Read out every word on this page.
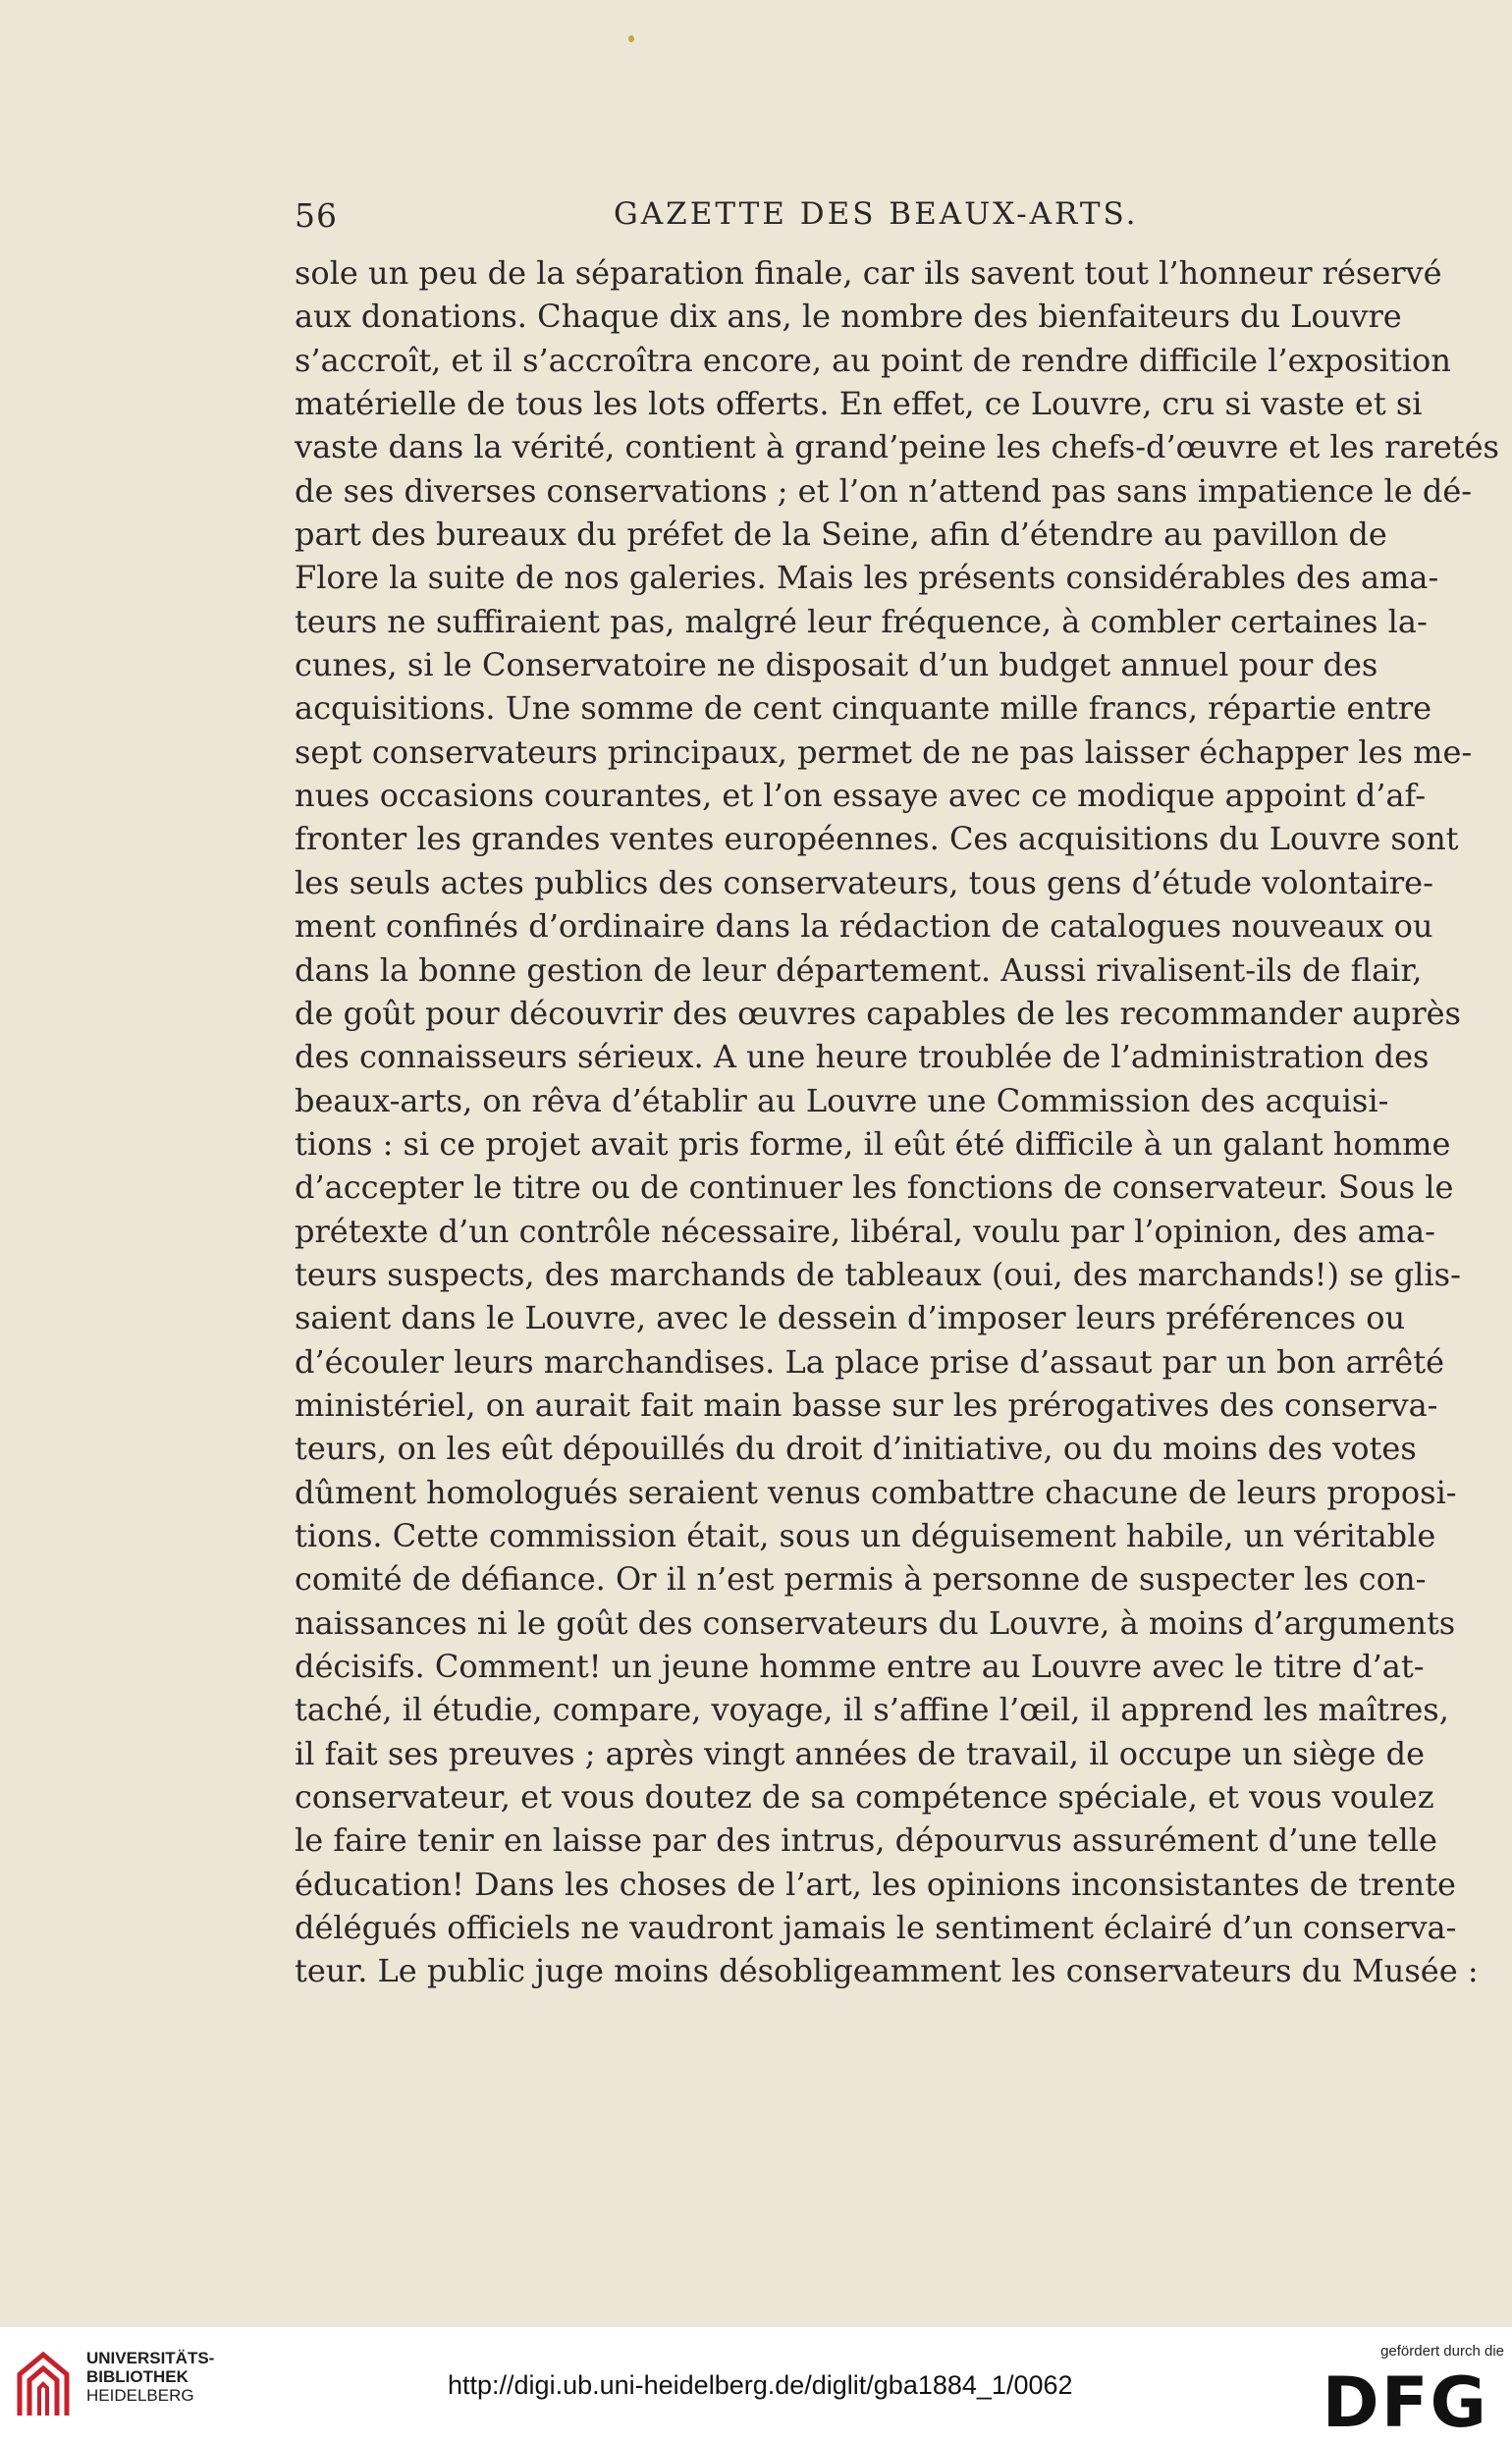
56	GAZETTE DES BEAUX-ARTS.
sole un peu de la séparation finale, car ils savent tout l’honneur réservé
aux donations. Chaque dix ans, le nombre des bienfaiteurs du Louvre
s’accroît, et il s’accroîtra encore, au point de rendre difficile l’exposition
matérielle de tous les lots offerts. En effet, ce Louvre, cru si vaste et si
vaste dans la vérité, contient à grand’peine les chefs-d’œuvre et les raretés
de ses diverses conservations ; et l’on n’attend pas sans impatience le dé-
part des bureaux du préfet de la Seine, afin d’étendre au pavillon de
Flore la suite de nos galeries. Mais les présents considérables des ama-
teurs ne suffiraient pas, malgré leur fréquence, à combler certaines la-
cunes, si le Conservatoire ne disposait d’un budget annuel pour des
acquisitions. Une somme de cent cinquante mille francs, répartie entre
sept conservateurs principaux, permet de ne pas laisser échapper les me-
nues occasions courantes, et l’on essaye avec ce modique appoint d’af-
fronter les grandes ventes européennes. Ces acquisitions du Louvre sont
les seuls actes publics des conservateurs, tous gens d’étude volontaire-
ment confinés d’ordinaire dans la rédaction de catalogues nouveaux ou
dans la bonne gestion de leur département. Aussi rivalisent-ils de flair,
de goût pour découvrir des œuvres capables de les recommander auprès
des connaisseurs sérieux. A une heure troublée de l’administration des
beaux-arts, on rêva d’établir au Louvre une Commission des acquisi-
tions : si ce projet avait pris forme, il eût été difficile à un galant homme
d’accepter le titre ou de continuer les fonctions de conservateur. Sous le
prétexte d’un contrôle nécessaire, libéral, voulu par l’opinion, des ama-
teurs suspects, des marchands de tableaux (oui, des marchands!) se glis-
saient dans le Louvre, avec le dessein d’imposer leurs préférences ou
d’écouler leurs marchandises. La place prise d’assaut par un bon arrêté
ministériel, on aurait fait main basse sur les prérogatives des conserva-
teurs, on les eût dépouillés du droit d’initiative, ou du moins des votes
dûment homologués seraient venus combattre chacune de leurs proposi-
tions. Cette commission était, sous un déguisement habile, un véritable
comité de défiance. Or il n’est permis à personne de suspecter les con-
naissances ni le goût des conservateurs du Louvre, à moins d’arguments
décisifs. Comment! un jeune homme entre au Louvre avec le titre d’at-
taché, il étudie, compare, voyage, il s’affine l’œil, il apprend les maîtres,
il fait ses preuves ; après vingt années de travail, il occupe un siège de
conservateur, et vous doutez de sa compétence spéciale, et vous voulez
le faire tenir en laisse par des intrus, dépourvus assurément d’une telle
éducation! Dans les choses de l’art, les opinions inconsistantes de trente
délégués officiels ne vaudront jamais le sentiment éclairé d’un conserva-
teur. Le public juge moins désobligeamment les conservateurs du Musée :
UNIVERSITÄTS-
BIBLIOTHEK
HEIDELBERG	http://digi.ub.uni-heidelberg.de/diglit/gba1884_1/0062
gefördert durch die
DFG
